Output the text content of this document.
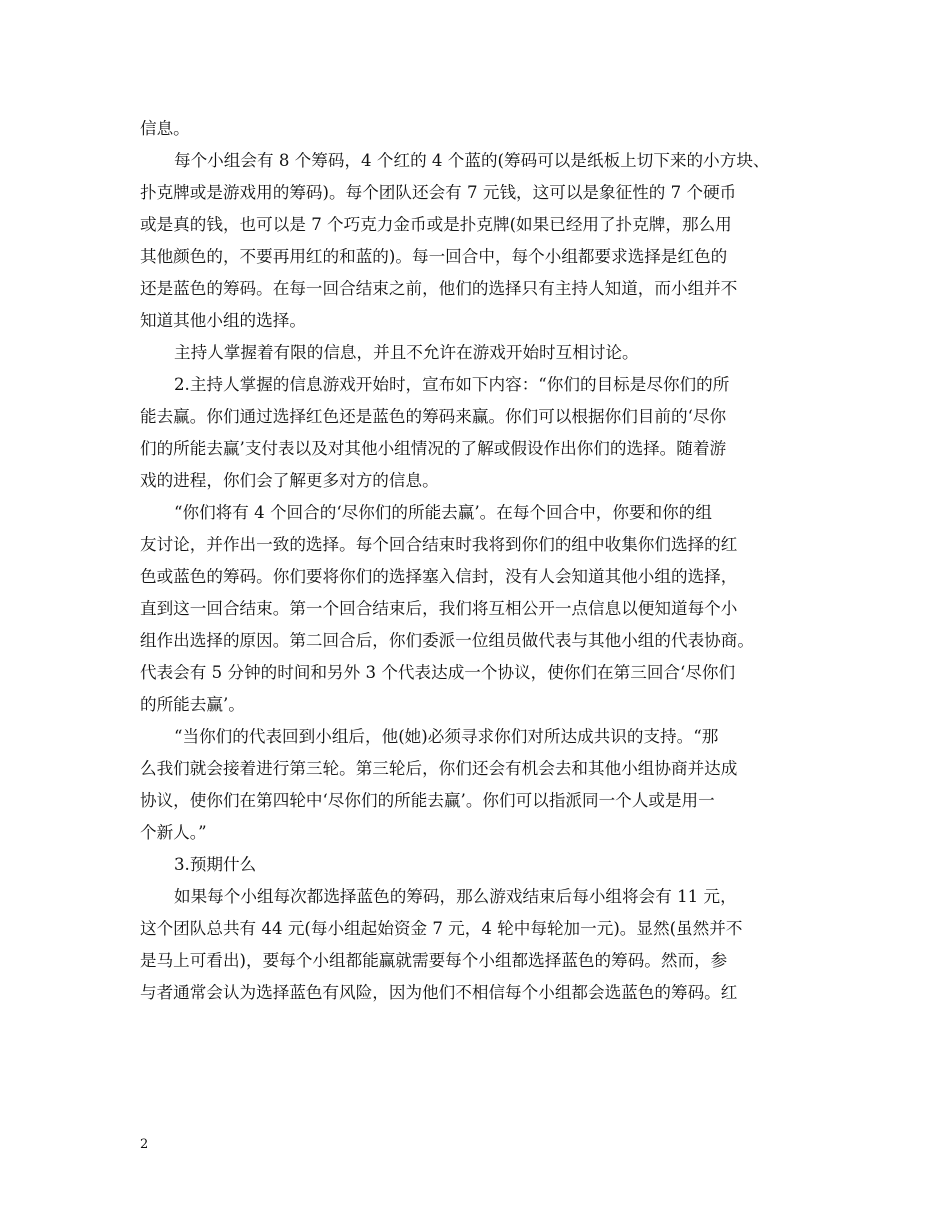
信息。
每个小组会有 8 个筹码，4 个红的 4 个蓝的(筹码可以是纸板上切下来的小方块、
扑克牌或是游戏用的筹码)。每个团队还会有 7 元钱，这可以是象征性的 7 个硬币
或是真的钱，也可以是 7 个巧克力金币或是扑克牌(如果已经用了扑克牌，那么用
其他颜色的，不要再用红的和蓝的)。每一回合中，每个小组都要求选择是红色的
还是蓝色的筹码。在每一回合结束之前，他们的选择只有主持人知道，而小组并不
知道其他小组的选择。
主持人掌握着有限的信息，并且不允许在游戏开始时互相讨论。
2.主持人掌握的信息游戏开始时，宣布如下内容：“你们的目标是尽你们的所
能去赢。你们通过选择红色还是蓝色的筹码来赢。你们可以根据你们目前的‘尽你
们的所能去赢’支付表以及对其他小组情况的了解或假设作出你们的选择。随着游
戏的进程，你们会了解更多对方的信息。
“你们将有 4 个回合的‘尽你们的所能去赢’。在每个回合中，你要和你的组
友讨论，并作出一致的选择。每个回合结束时我将到你们的组中收集你们选择的红
色或蓝色的筹码。你们要将你们的选择塞入信封，没有人会知道其他小组的选择，
直到这一回合结束。第一个回合结束后，我们将互相公开一点信息以便知道每个小
组作出选择的原因。第二回合后，你们委派一位组员做代表与其他小组的代表协商。
代表会有 5 分钟的时间和另外 3 个代表达成一个协议，使你们在第三回合‘尽你们
的所能去赢’。
“当你们的代表回到小组后，他(她)必须寻求你们对所达成共识的支持。“那
么我们就会接着进行第三轮。第三轮后，你们还会有机会去和其他小组协商并达成
协议，使你们在第四轮中‘尽你们的所能去赢’。你们可以指派同一个人或是用一
个新人。”
3.预期什么
如果每个小组每次都选择蓝色的筹码，那么游戏结束后每小组将会有 11 元，
这个团队总共有 44 元(每小组起始资金 7 元，4 轮中每轮加一元)。显然(虽然并不
是马上可看出)，要每个小组都能赢就需要每个小组都选择蓝色的筹码。然而，参
与者通常会认为选择蓝色有风险，因为他们不相信每个小组都会选蓝色的筹码。红
2
